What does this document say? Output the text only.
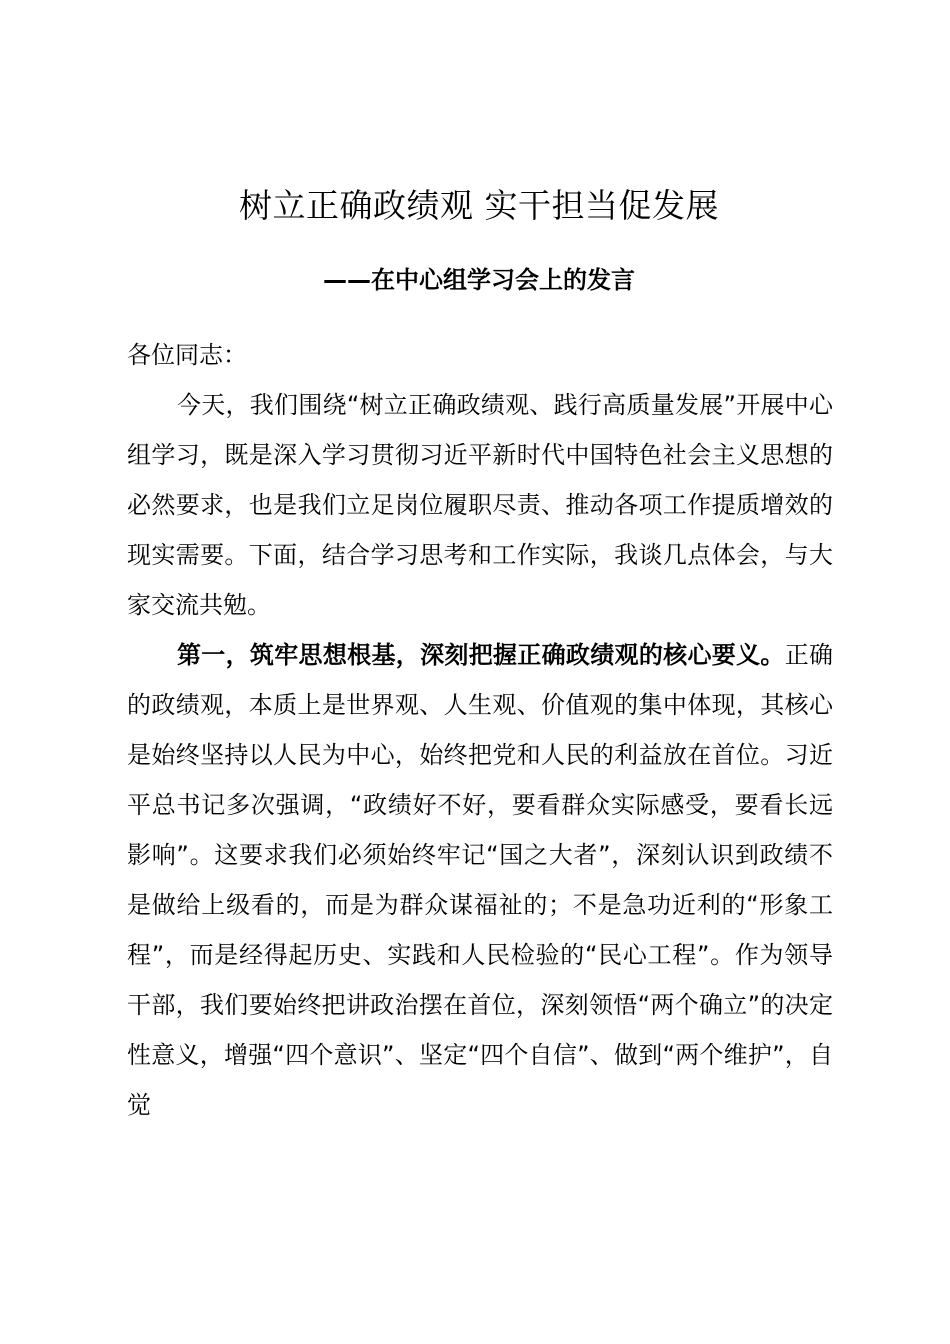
树立正确政绩观 实干担当促发展
——在中心组学习会上的发言

各位同志：

今天，我们围绕“树立正确政绩观、践行高质量发展”开展中心组学习，既是深入学习贯彻习近平新时代中国特色社会主义思想的必然要求，也是我们立足岗位履职尽责、推动各项工作提质增效的现实需要。下面，结合学习思考和工作实际，我谈几点体会，与大家交流共勉。

第一，筑牢思想根基，深刻把握正确政绩观的核心要义。正确的政绩观，本质上是世界观、人生观、价值观的集中体现，其核心是始终坚持以人民为中心，始终把党和人民的利益放在首位。习近平总书记多次强调，“政绩好不好，要看群众实际感受，要看长远影响”。这要求我们必须始终牢记“国之大者”，深刻认识到政绩不是做给上级看的，而是为群众谋福祉的；不是急功近利的“形象工程”，而是经得起历史、实践和人民检验的“民心工程”。作为领导干部，我们要始终把讲政治摆在首位，深刻领悟“两个确立”的决定性意义，增强“四个意识”、坚定“四个自信”、做到“两个维护”，自觉
